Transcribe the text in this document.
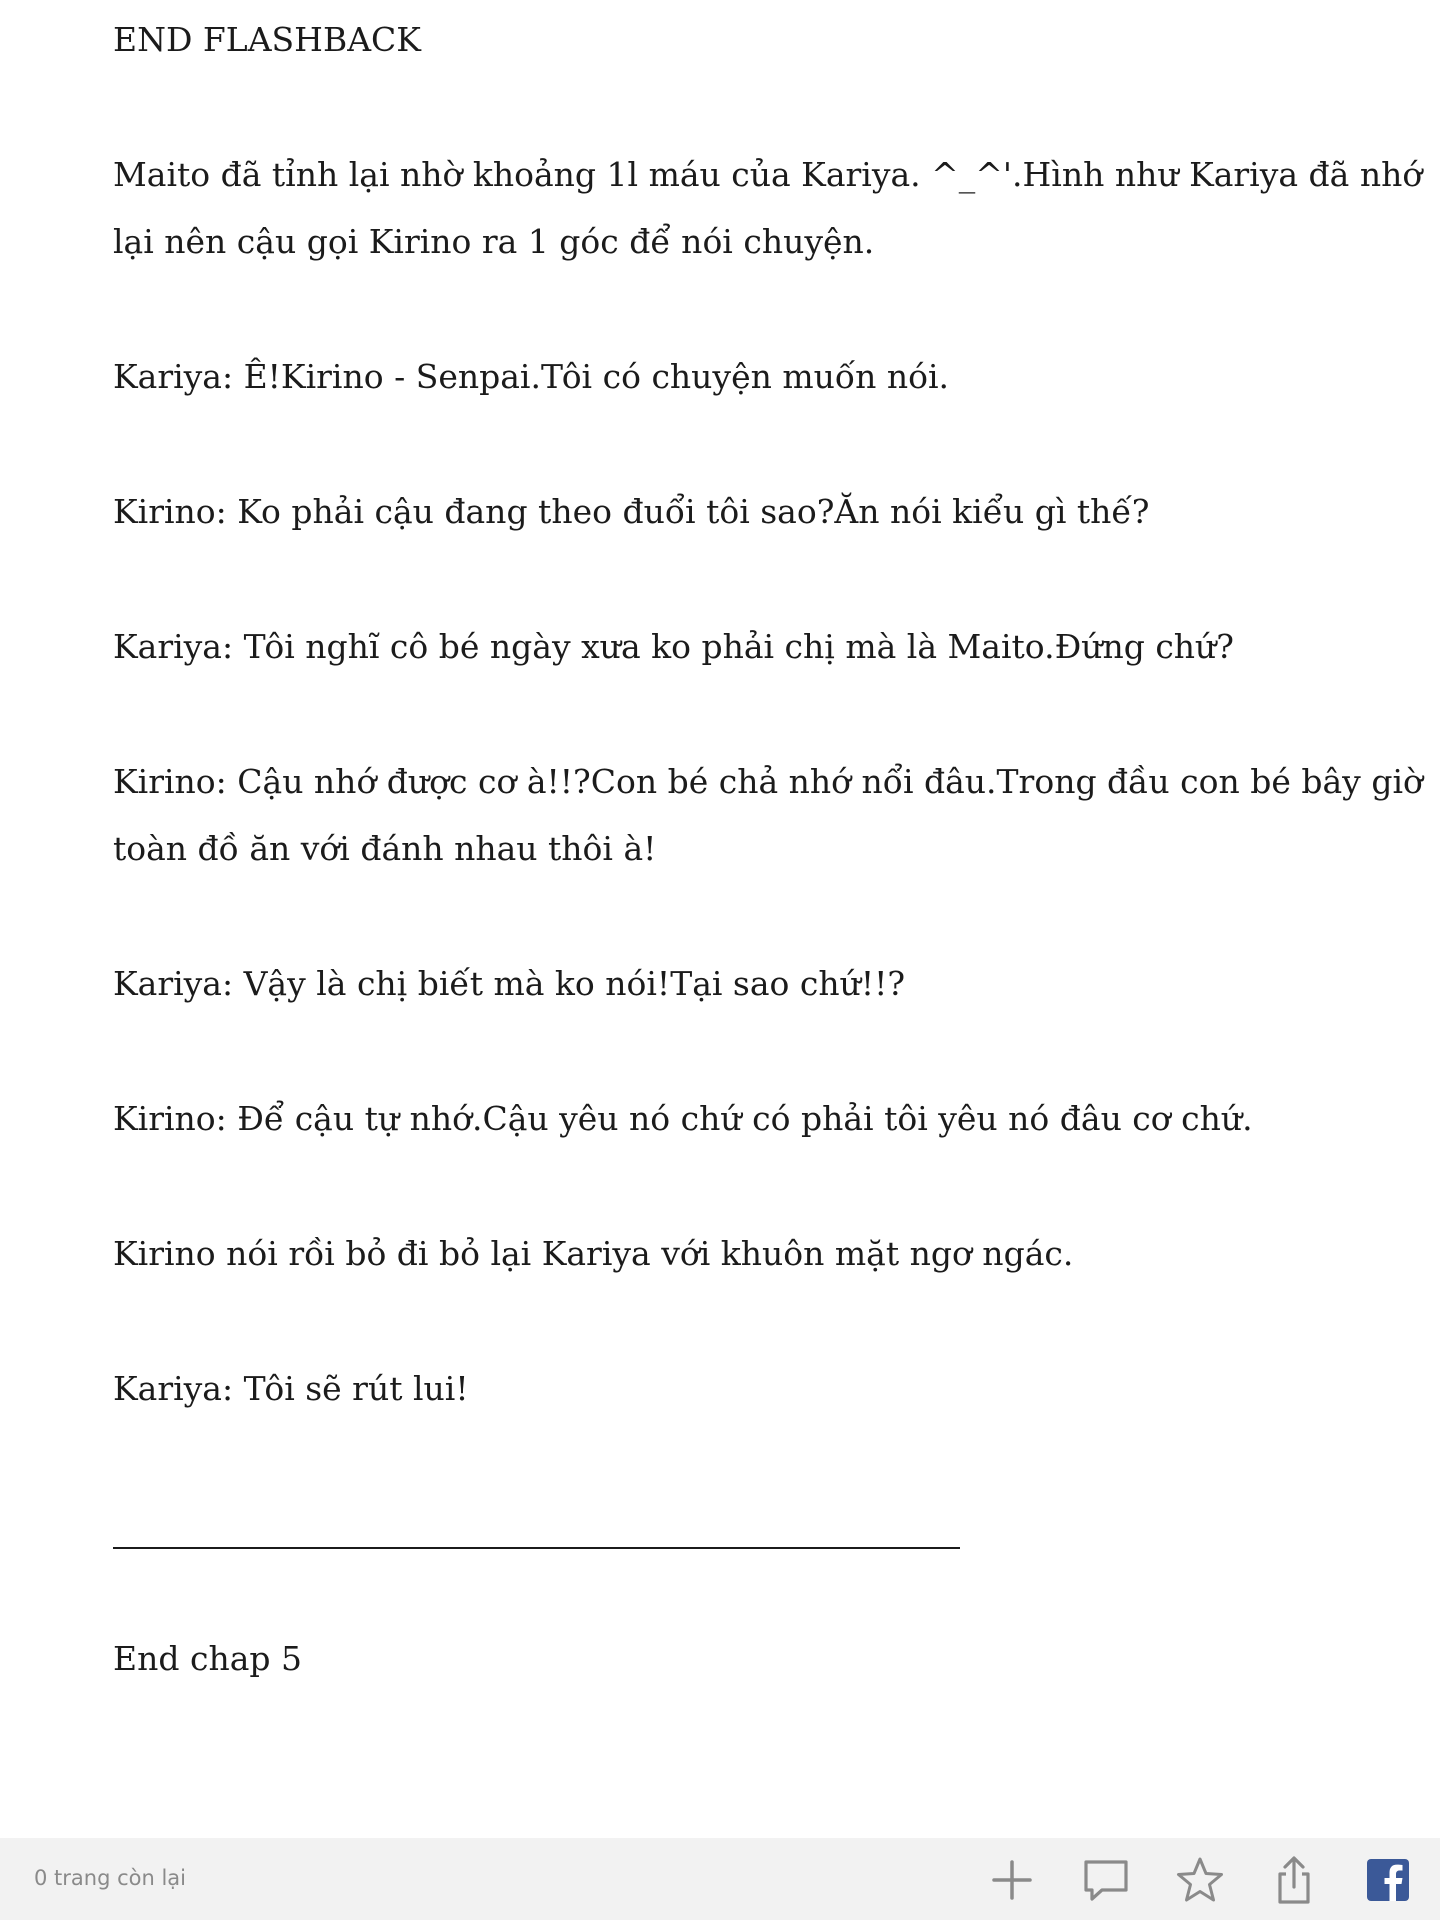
END FLASHBACK
Maito đã tỉnh lại nhờ khoảng 1l máu của Kariya. ^_^'.Hình như Kariya đã nhớ
lại nên cậu gọi Kirino ra 1 góc để nói chuyện.
Kariya: Ê!Kirino - Senpai.Tôi có chuyện muốn nói.
Kirino: Ko phải cậu đang theo đuổi tôi sao?Ăn nói kiểu gì thế?
Kariya: Tôi nghĩ cô bé ngày xưa ko phải chị mà là Maito.Đứng chứ?
Kirino: Cậu nhớ được cơ à!!?Con bé chả nhớ nổi đâu.Trong đầu con bé bây giờ
toàn đồ ăn với đánh nhau thôi à!
Kariya: Vậy là chị biết mà ko nói!Tại sao chứ!!?
Kirino: Để cậu tự nhớ.Cậu yêu nó chứ có phải tôi yêu nó đâu cơ chứ.
Kirino nói rồi bỏ đi bỏ lại Kariya với khuôn mặt ngơ ngác.
Kariya: Tôi sẽ rút lui!
End chap 5
0 trang còn lại
